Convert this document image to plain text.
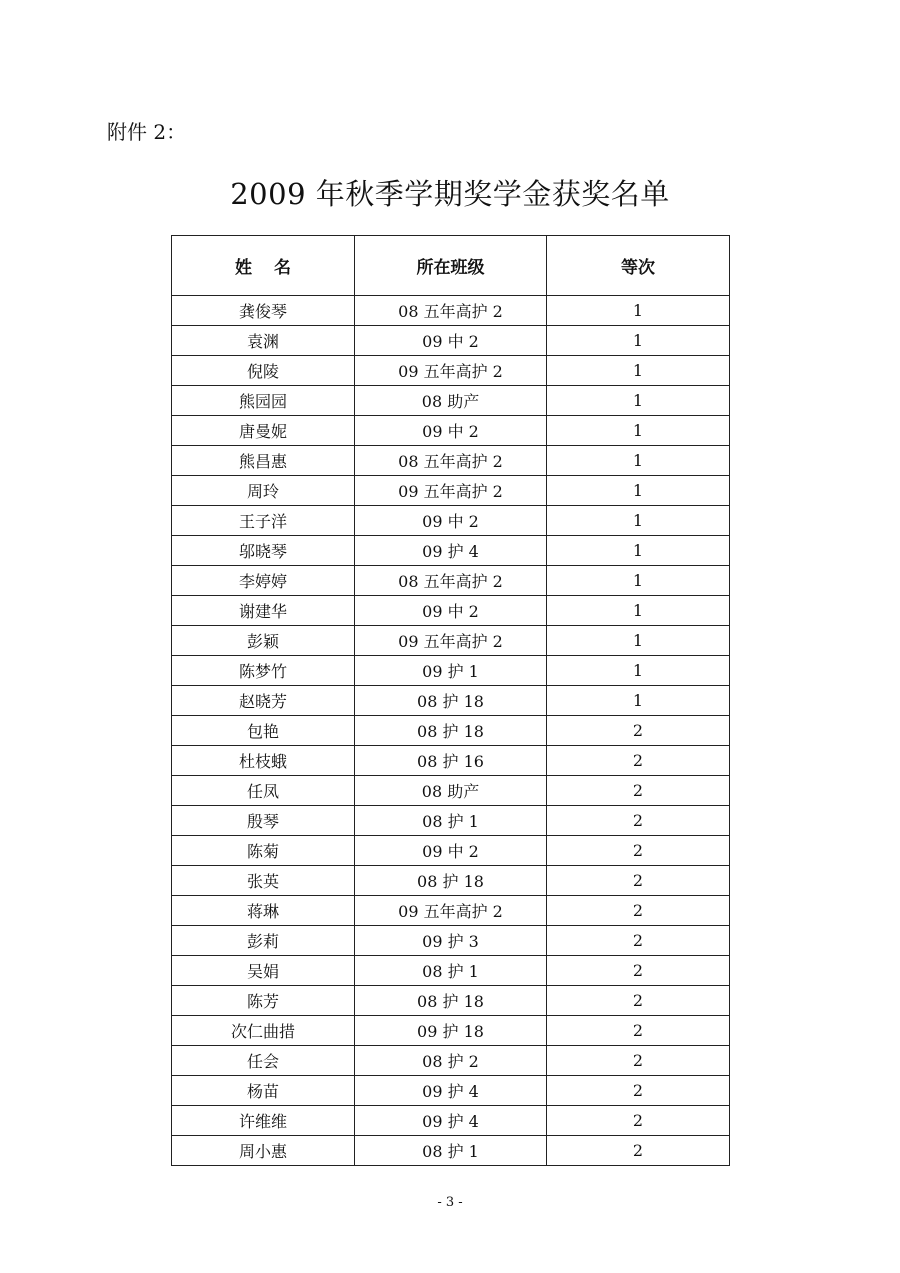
附件 2：
2009 年秋季学期奖学金获奖名单
姓名	所在班级	等次
龚俊琴	08 五年高护 2	1
袁渊	09 中 2	1
倪陵	09 五年高护 2	1
熊园园	08 助产	1
唐曼妮	09 中 2	1
熊昌惠	08 五年高护 2	1
周玲	09 五年高护 2	1
王子洋	09 中 2	1
邬晓琴	09 护 4	1
李婷婷	08 五年高护 2	1
谢建华	09 中 2	1
彭颖	09 五年高护 2	1
陈梦竹	09 护 1	1
赵晓芳	08 护 18	1
包艳	08 护 18	2
杜枝蛾	08 护 16	2
任凤	08 助产	2
殷琴	08 护 1	2
陈菊	09 中 2	2
张英	08 护 18	2
蒋琳	09 五年高护 2	2
彭莉	09 护 3	2
吴娟	08 护 1	2
陈芳	08 护 18	2
次仁曲措	09 护 18	2
任会	08 护 2	2
杨苗	09 护 4	2
许维维	09 护 4	2
周小惠	08 护 1	2
- 3 -
